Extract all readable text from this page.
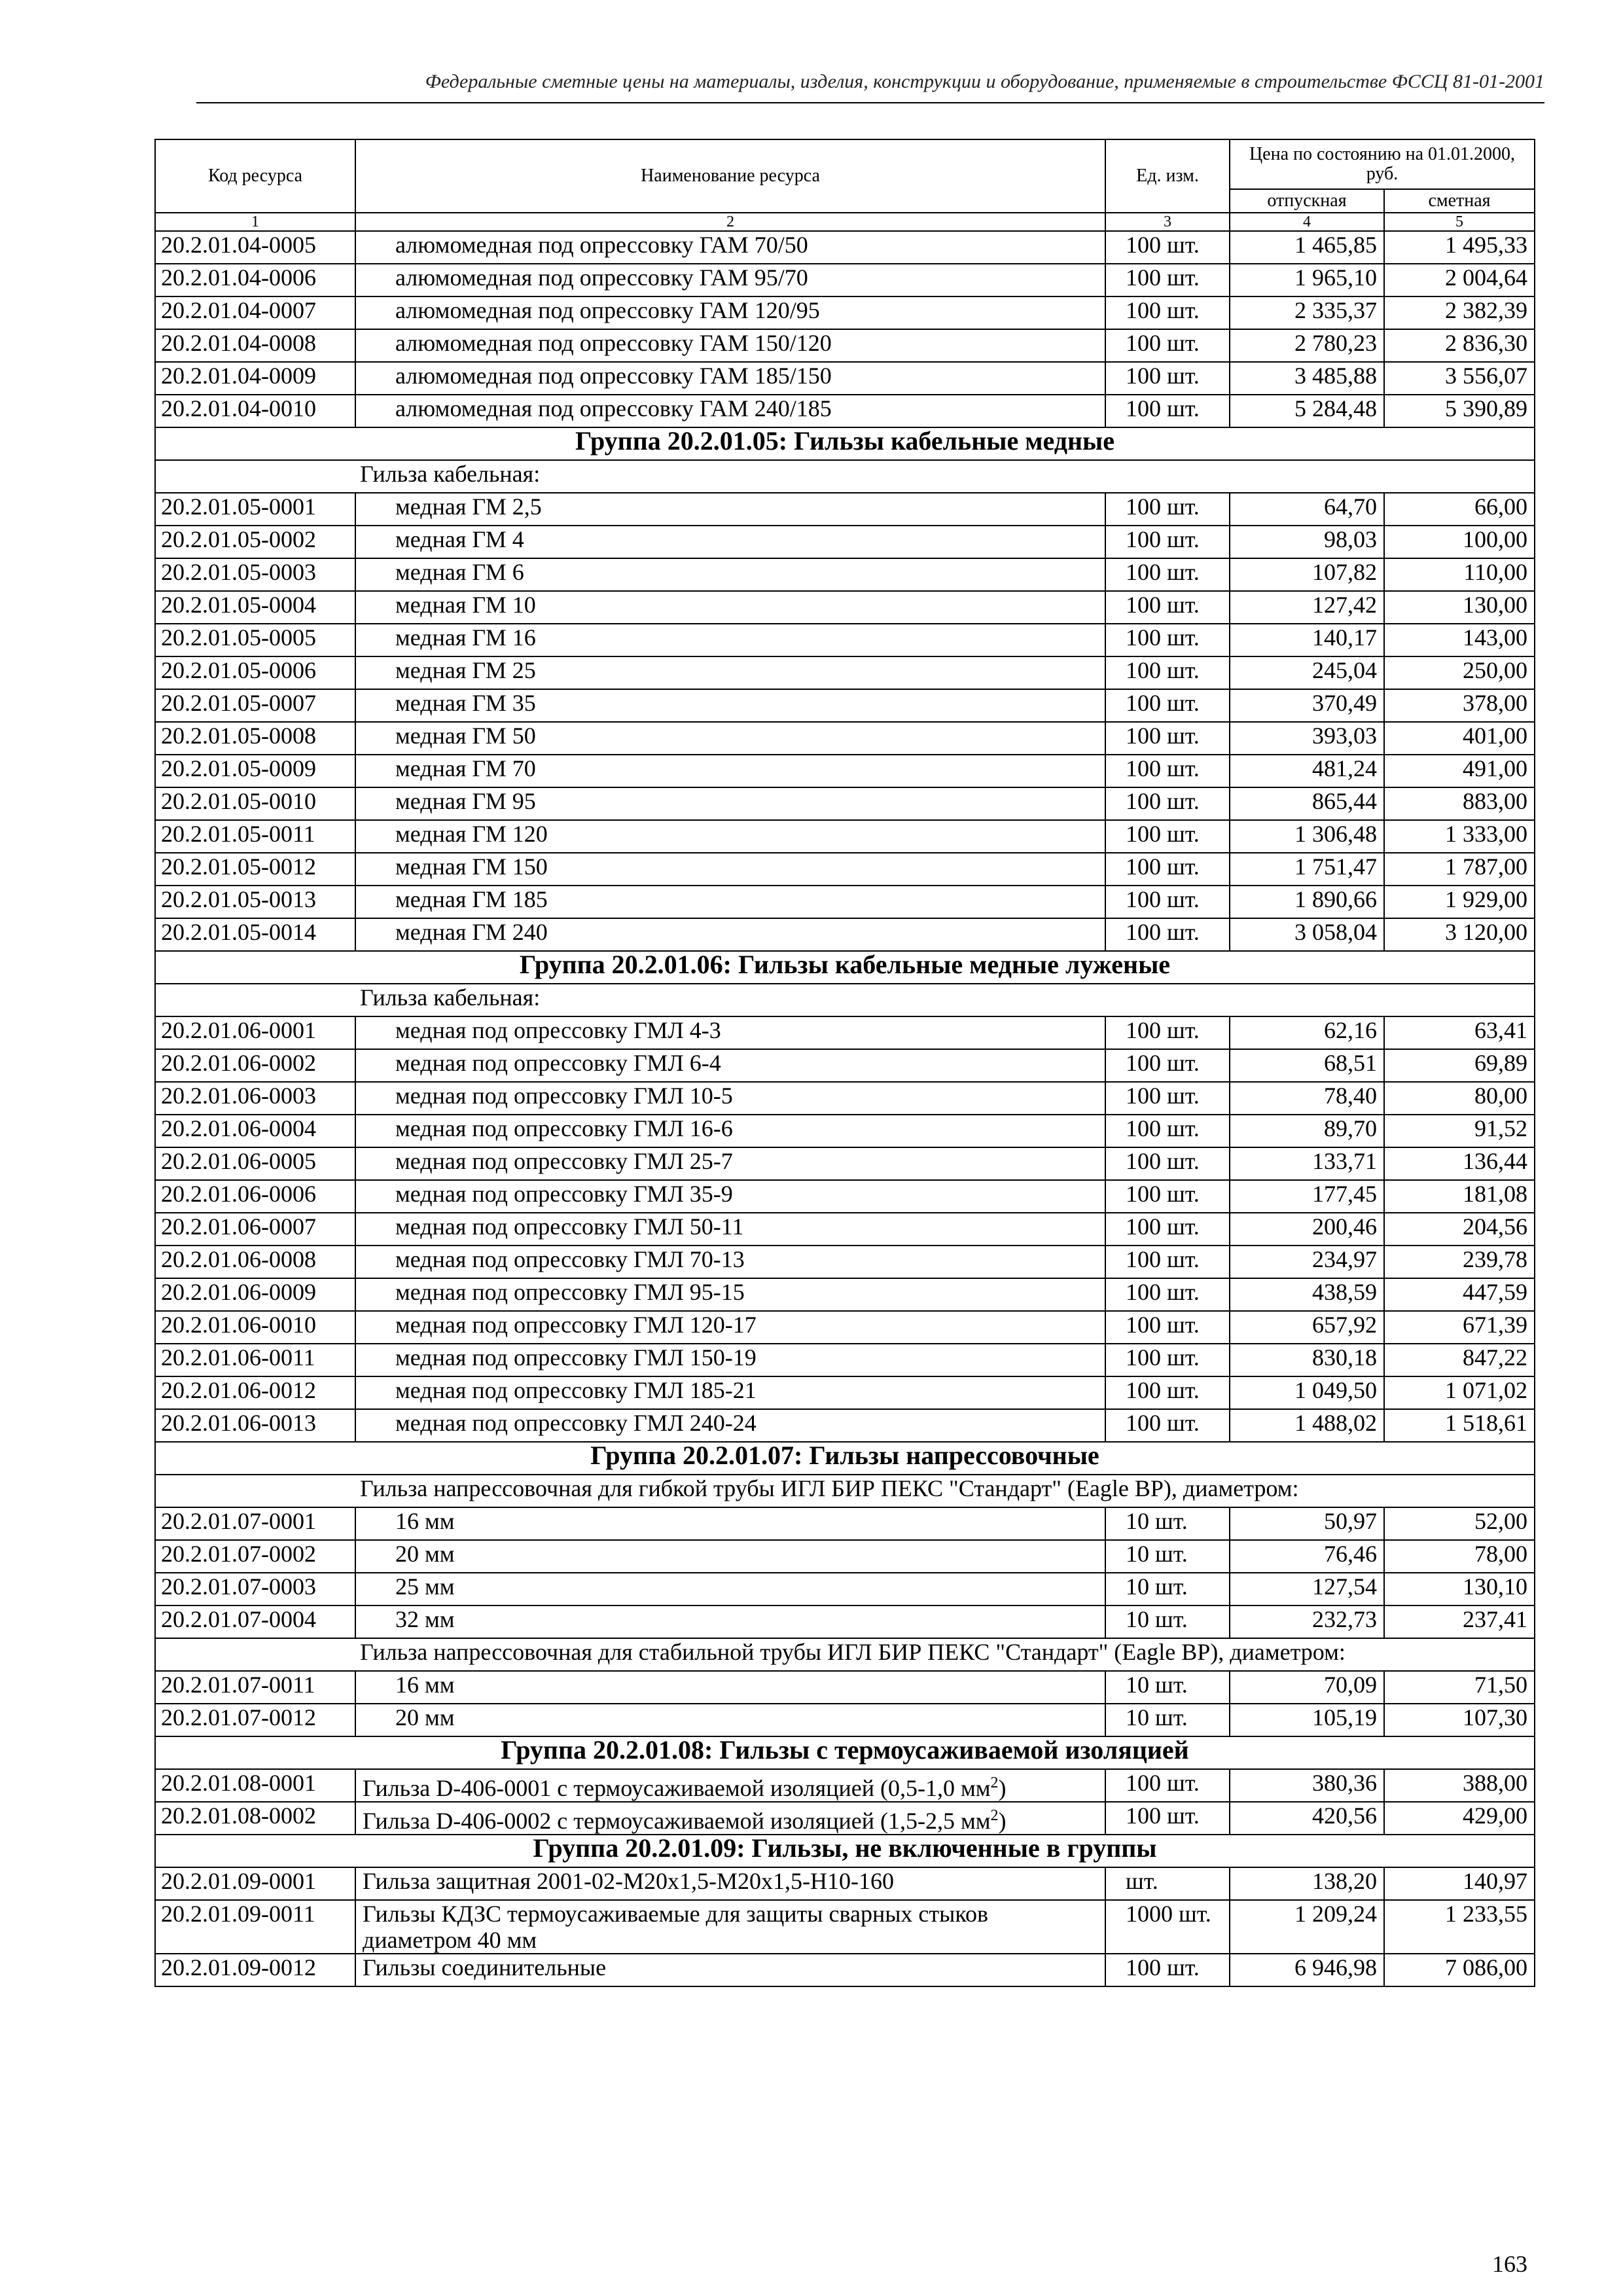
Федеральные сметные цены на материалы, изделия, конструкции и оборудование, применяемые в строительстве ФССЦ 81-01-2001
Код ресурса	Наименование ресурса	Ед. изм.	Цена по состоянию на 01.01.2000, руб.	
			отпускная	сметная
1	2	3	4	5
20.2.01.04-0005	алюмомедная под опрессовку ГАМ 70/50	100 шт.	1 465,85	1 495,33
20.2.01.04-0006	алюмомедная под опрессовку ГАМ 95/70	100 шт.	1 965,10	2 004,64
20.2.01.04-0007	алюмомедная под опрессовку ГАМ 120/95	100 шт.	2 335,37	2 382,39
20.2.01.04-0008	алюмомедная под опрессовку ГАМ 150/120	100 шт.	2 780,23	2 836,30
20.2.01.04-0009	алюмомедная под опрессовку ГАМ 185/150	100 шт.	3 485,88	3 556,07
20.2.01.04-0010	алюмомедная под опрессовку ГАМ 240/185	100 шт.	5 284,48	5 390,89
Группа 20.2.01.05: Гильзы кабельные медные				
Гильза кабельная:				
20.2.01.05-0001	медная ГМ 2,5	100 шт.	64,70	66,00
20.2.01.05-0002	медная ГМ 4	100 шт.	98,03	100,00
20.2.01.05-0003	медная ГМ 6	100 шт.	107,82	110,00
20.2.01.05-0004	медная ГМ 10	100 шт.	127,42	130,00
20.2.01.05-0005	медная ГМ 16	100 шт.	140,17	143,00
20.2.01.05-0006	медная ГМ 25	100 шт.	245,04	250,00
20.2.01.05-0007	медная ГМ 35	100 шт.	370,49	378,00
20.2.01.05-0008	медная ГМ 50	100 шт.	393,03	401,00
20.2.01.05-0009	медная ГМ 70	100 шт.	481,24	491,00
20.2.01.05-0010	медная ГМ 95	100 шт.	865,44	883,00
20.2.01.05-0011	медная ГМ 120	100 шт.	1 306,48	1 333,00
20.2.01.05-0012	медная ГМ 150	100 шт.	1 751,47	1 787,00
20.2.01.05-0013	медная ГМ 185	100 шт.	1 890,66	1 929,00
20.2.01.05-0014	медная ГМ 240	100 шт.	3 058,04	3 120,00
Группа 20.2.01.06: Гильзы кабельные медные луженые				
Гильза кабельная:				
20.2.01.06-0001	медная под опрессовку ГМЛ 4-3	100 шт.	62,16	63,41
20.2.01.06-0002	медная под опрессовку ГМЛ 6-4	100 шт.	68,51	69,89
20.2.01.06-0003	медная под опрессовку ГМЛ 10-5	100 шт.	78,40	80,00
20.2.01.06-0004	медная под опрессовку ГМЛ 16-6	100 шт.	89,70	91,52
20.2.01.06-0005	медная под опрессовку ГМЛ 25-7	100 шт.	133,71	136,44
20.2.01.06-0006	медная под опрессовку ГМЛ 35-9	100 шт.	177,45	181,08
20.2.01.06-0007	медная под опрессовку ГМЛ 50-11	100 шт.	200,46	204,56
20.2.01.06-0008	медная под опрессовку ГМЛ 70-13	100 шт.	234,97	239,78
20.2.01.06-0009	медная под опрессовку ГМЛ 95-15	100 шт.	438,59	447,59
20.2.01.06-0010	медная под опрессовку ГМЛ 120-17	100 шт.	657,92	671,39
20.2.01.06-0011	медная под опрессовку ГМЛ 150-19	100 шт.	830,18	847,22
20.2.01.06-0012	медная под опрессовку ГМЛ 185-21	100 шт.	1 049,50	1 071,02
20.2.01.06-0013	медная под опрессовку ГМЛ 240-24	100 шт.	1 488,02	1 518,61
Группа 20.2.01.07: Гильзы напрессовочные				
Гильза напрессовочная для гибкой трубы ИГЛ БИР ПЕКС "Стандарт" (Eagle BP), диаметром:				
20.2.01.07-0001	16 мм	10 шт.	50,97	52,00
20.2.01.07-0002	20 мм	10 шт.	76,46	78,00
20.2.01.07-0003	25 мм	10 шт.	127,54	130,10
20.2.01.07-0004	32 мм	10 шт.	232,73	237,41
Гильза напрессовочная для стабильной трубы ИГЛ БИР ПЕКС "Стандарт" (Eagle BP), диаметром:				
20.2.01.07-0011	16 мм	10 шт.	70,09	71,50
20.2.01.07-0012	20 мм	10 шт.	105,19	107,30
Группа 20.2.01.08: Гильзы с термоусаживаемой изоляцией				
20.2.01.08-0001	Гильза D-406-0001 с термоусаживаемой изоляцией (0,5-1,0 $мм^2$)	100 шт.	380,36	388,00
20.2.01.08-0002	Гильза D-406-0002 с термоусаживаемой изоляцией (1,5-2,5 $мм^2$)	100 шт.	420,56	429,00
Группа 20.2.01.09: Гильзы, не включенные в группы				
20.2.01.09-0001	Гильза защитная 2001-02-М20х1,5-М20х1,5-Н10-160	шт.	138,20	140,97
20.2.01.09-0011	Гильзы КДЗС термоусаживаемые для защиты сварных стыков диаметром 40 мм	1000 шт.	1 209,24	1 233,55
20.2.01.09-0012	Гильзы соединительные	100 шт.	6 946,98	7 086,00
163
